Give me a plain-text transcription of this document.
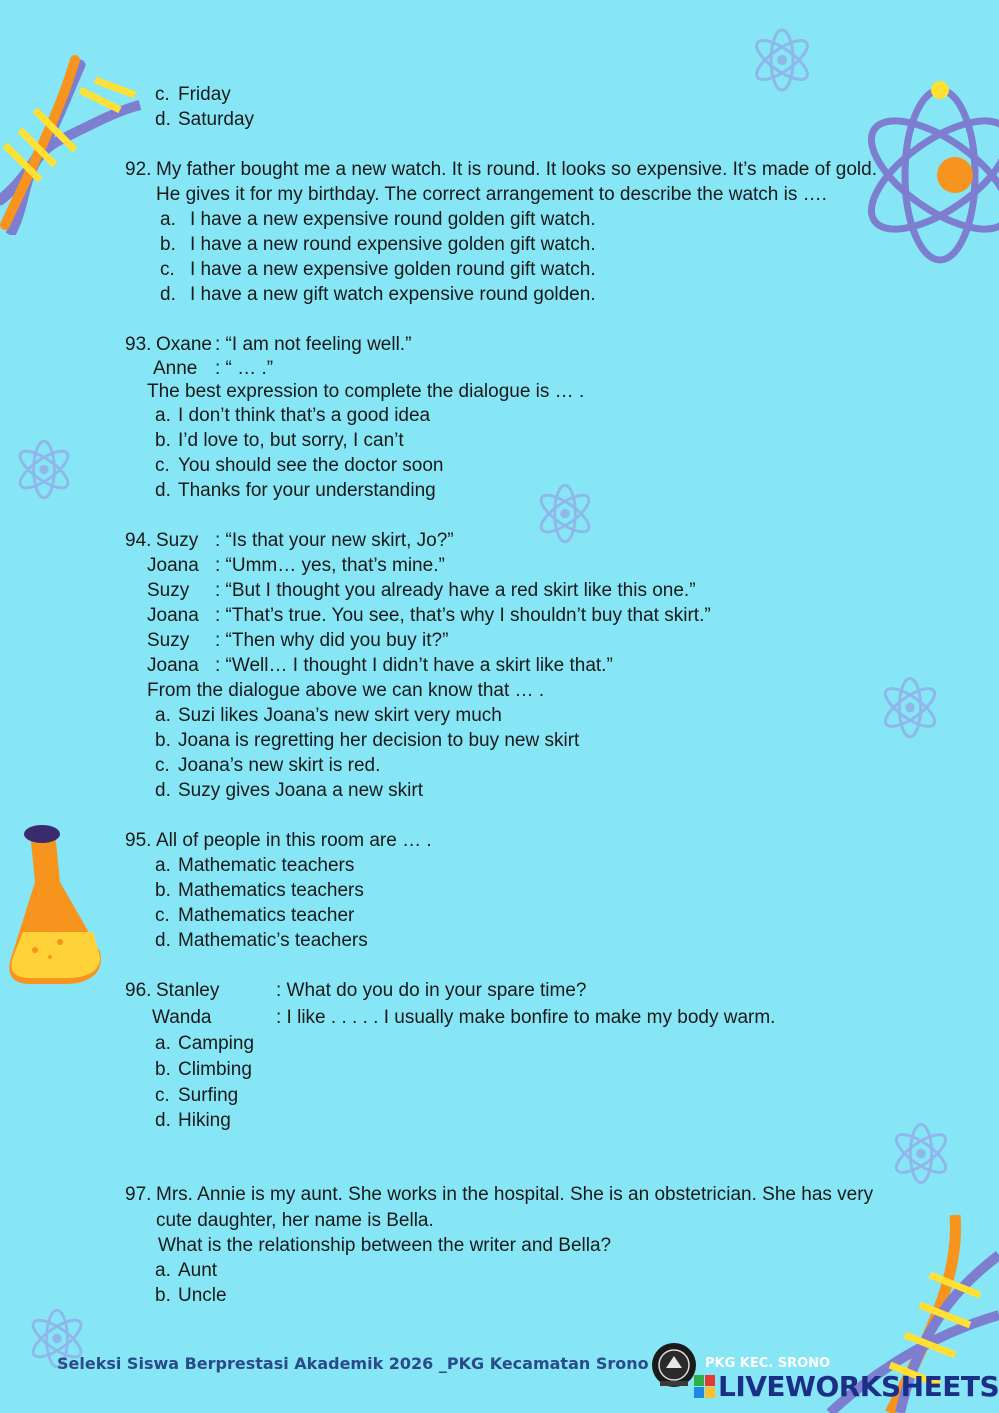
c. Friday
d. Saturday
92. My father bought me a new watch. It is round. It looks so expensive. It’s made of gold.
He gives it for my birthday. The correct arrangement to describe the watch is ….
a. I have a new expensive round golden gift watch.
b. I have a new round expensive golden gift watch.
c. I have a new expensive golden round gift watch.
d. I have a new gift watch expensive round golden.
93. Oxane : “I am not feeling well.”
Anne : “ … .”
The best expression to complete the dialogue is … .
a. I don’t think that’s a good idea
b. I’d love to, but sorry, I can’t
c. You should see the doctor soon
d. Thanks for your understanding
94. Suzy : “Is that your new skirt, Jo?”
Joana : “Umm… yes, that’s mine.”
Suzy : “But I thought you already have a red skirt like this one.”
Joana : “That’s true. You see, that’s why I shouldn’t buy that skirt.”
Suzy : “Then why did you buy it?”
Joana : “Well… I thought I didn’t have a skirt like that.”
From the dialogue above we can know that … .
a. Suzi likes Joana’s new skirt very much
b. Joana is regretting her decision to buy new skirt
c. Joana’s new skirt is red.
d. Suzy gives Joana a new skirt
95. All of people in this room are … .
a. Mathematic teachers
b. Mathematics teachers
c. Mathematics teacher
d. Mathematic’s teachers
96. Stanley	: What do you do in your spare time?
Wanda	: I like . . . . . I usually make bonfire to make my body warm.
a. Camping
b. Climbing
c. Surfing
d. Hiking
97. Mrs. Annie is my aunt. She works in the hospital. She is an obstetrician. She has very
cute daughter, her name is Bella.
What is the relationship between the writer and Bella?
a. Aunt
b. Uncle
Seleksi Siswa Berprestasi Akademik 2026 _PKG Kecamatan Srono	PKG KEC. SRONO
LIVEWORKSHEETS
